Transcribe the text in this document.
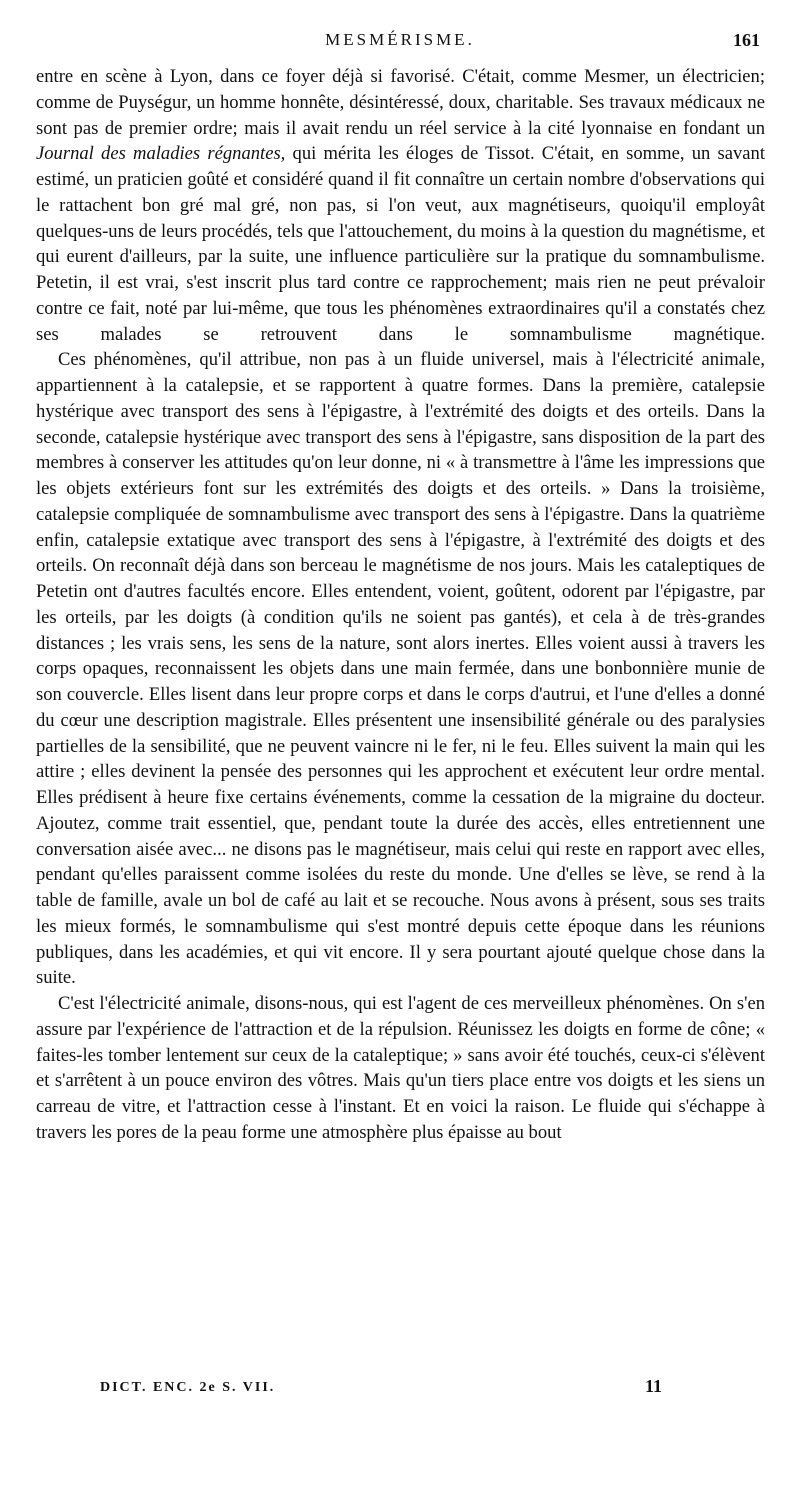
MESMÉRISME.	161

entre en scène à Lyon, dans ce foyer déjà si favorisé. C'était, comme Mesmer, un électricien; comme de Puységur, un homme honnête, désintéressé, doux, charitable. Ses travaux médicaux ne sont pas de premier ordre; mais il avait rendu un réel service à la cité lyonnaise en fondant un Journal des maladies régnantes, qui mérita les éloges de Tissot. C'était, en somme, un savant estimé, un praticien goûté et considéré quand il fit connaître un certain nombre d'observations qui le rattachent bon gré mal gré, non pas, si l'on veut, aux magnétiseurs, quoiqu'il employât quelques-uns de leurs procédés, tels que l'attouchement, du moins à la question du magnétisme, et qui eurent d'ailleurs, par la suite, une influence particulière sur la pratique du somnambulisme. Petetin, il est vrai, s'est inscrit plus tard contre ce rapprochement; mais rien ne peut prévaloir contre ce fait, noté par lui-même, que tous les phénomènes extraordinaires qu'il a constatés chez ses malades se retrouvent dans le somnambulisme magnétique.

Ces phénomènes, qu'il attribue, non pas à un fluide universel, mais à l'électricité animale, appartiennent à la catalepsie, et se rapportent à quatre formes. Dans la première, catalepsie hystérique avec transport des sens à l'épigastre, à l'extrémité des doigts et des orteils. Dans la seconde, catalepsie hystérique avec transport des sens à l'épigastre, sans disposition de la part des membres à conserver les attitudes qu'on leur donne, ni « à transmettre à l'âme les impressions que les objets extérieurs font sur les extrémités des doigts et des orteils. » Dans la troisième, catalepsie compliquée de somnambulisme avec transport des sens à l'épigastre. Dans la quatrième enfin, catalepsie extatique avec transport des sens à l'épigastre, à l'extrémité des doigts et des orteils. On reconnaît déjà dans son berceau le magnétisme de nos jours. Mais les cataleptiques de Petetin ont d'autres facultés encore. Elles entendent, voient, goûtent, odorent par l'épigastre, par les orteils, par les doigts (à condition qu'ils ne soient pas gantés), et cela à de très-grandes distances ; les vrais sens, les sens de la nature, sont alors inertes. Elles voient aussi à travers les corps opaques, reconnaissent les objets dans une main fermée, dans une bonbonnière munie de son couvercle. Elles lisent dans leur propre corps et dans le corps d'autrui, et l'une d'elles a donné du cœur une description magistrale. Elles présentent une insensibilité générale ou des paralysies partielles de la sensibilité, que ne peuvent vaincre ni le fer, ni le feu. Elles suivent la main qui les attire ; elles devinent la pensée des personnes qui les approchent et exécutent leur ordre mental. Elles prédisent à heure fixe certains événements, comme la cessation de la migraine du docteur. Ajoutez, comme trait essentiel, que, pendant toute la durée des accès, elles entretiennent une conversation aisée avec... ne disons pas le magnétiseur, mais celui qui reste en rapport avec elles, pendant qu'elles paraissent comme isolées du reste du monde. Une d'elles se lève, se rend à la table de famille, avale un bol de café au lait et se recouche. Nous avons à présent, sous ses traits les mieux formés, le somnambulisme qui s'est montré depuis cette époque dans les réunions publiques, dans les académies, et qui vit encore. Il y sera pourtant ajouté quelque chose dans la suite.

C'est l'électricité animale, disons-nous, qui est l'agent de ces merveilleux phénomènes. On s'en assure par l'expérience de l'attraction et de la répulsion. Réunissez les doigts en forme de cône; « faites-les tomber lentement sur ceux de la cataleptique; » sans avoir été touchés, ceux-ci s'élèvent et s'arrêtent à un pouce environ des vôtres. Mais qu'un tiers place entre vos doigts et les siens un carreau de vitre, et l'attraction cesse à l'instant. Et en voici la raison. Le fluide qui s'échappe à travers les pores de la peau forme une atmosphère plus épaisse au bout

DICT. ENC. 2e S. VII.	11
